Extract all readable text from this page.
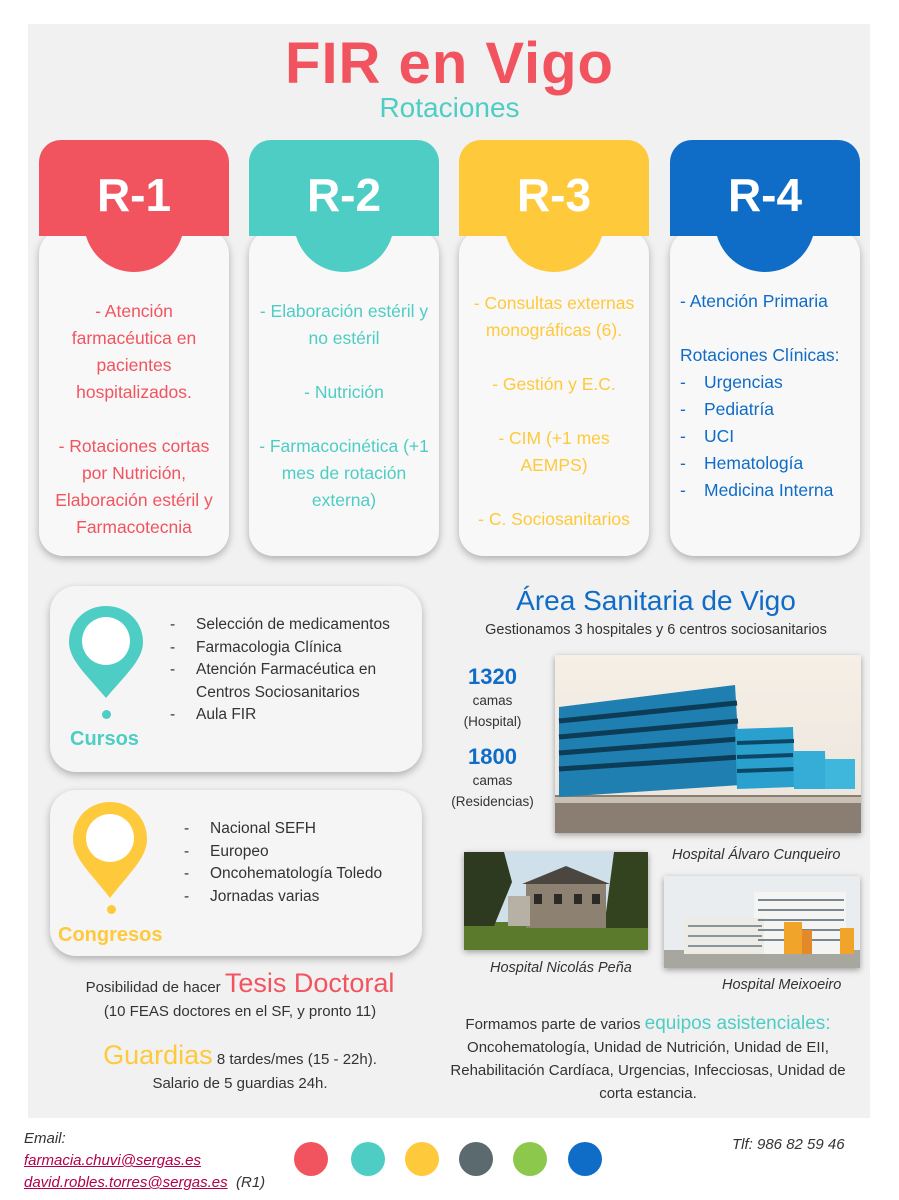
FIR en Vigo
Rotaciones
R-1

- Atención farmacéutica en pacientes hospitalizados.

- Rotaciones cortas por Nutrición, Elaboración estéril y Farmacotecnia

R-2

- Elaboración estéril y no estéril

- Nutrición

- Farmacocinética (+1 mes de rotación externa)

R-3

- Consultas externas monográficas (6).

- Gestión y E.C.

- CIM (+1 mes AEMPS)

- C. Sociosanitarios

R-4

- Atención Primaria

Rotaciones Clínicas:

-	Urgencias
-	Pediatría
-	UCI
-	Hematología
-	Medicina Interna
Cursos
-	Selección de medicamentos
-	Farmacologia Clínica
-	Atención Farmacéutica en Centros Sociosanitarios
-	Aula FIR
Congresos
-	Nacional SEFH
-	Europeo
-	Oncohematología Toledo
-	Jornadas varias
Área Sanitaria de Vigo
Gestionamos 3 hospitales y 6 centros sociosanitarios
1320
camas
(Hospital)
1800
camas
(Residencias)
Hospital Álvaro Cunqueiro
Hospital Nicolás Peña
Hospital Meixoeiro
Posibilidad de hacer Tesis Doctoral
(10 FEAS doctores en el SF, y pronto 11)
Guardias 8 tardes/mes (15 - 22h).
Salario de 5 guardias 24h.
Formamos parte de varios equipos asistenciales:
Oncohematología, Unidad de Nutrición, Unidad de EII, Rehabilitación Cardíaca, Urgencias, Infecciosas, Unidad de corta estancia.
Email:
farmacia.chuvi@sergas.es
david.robles.torres@sergas.es (R1)
Tlf: 986 82 59 46
